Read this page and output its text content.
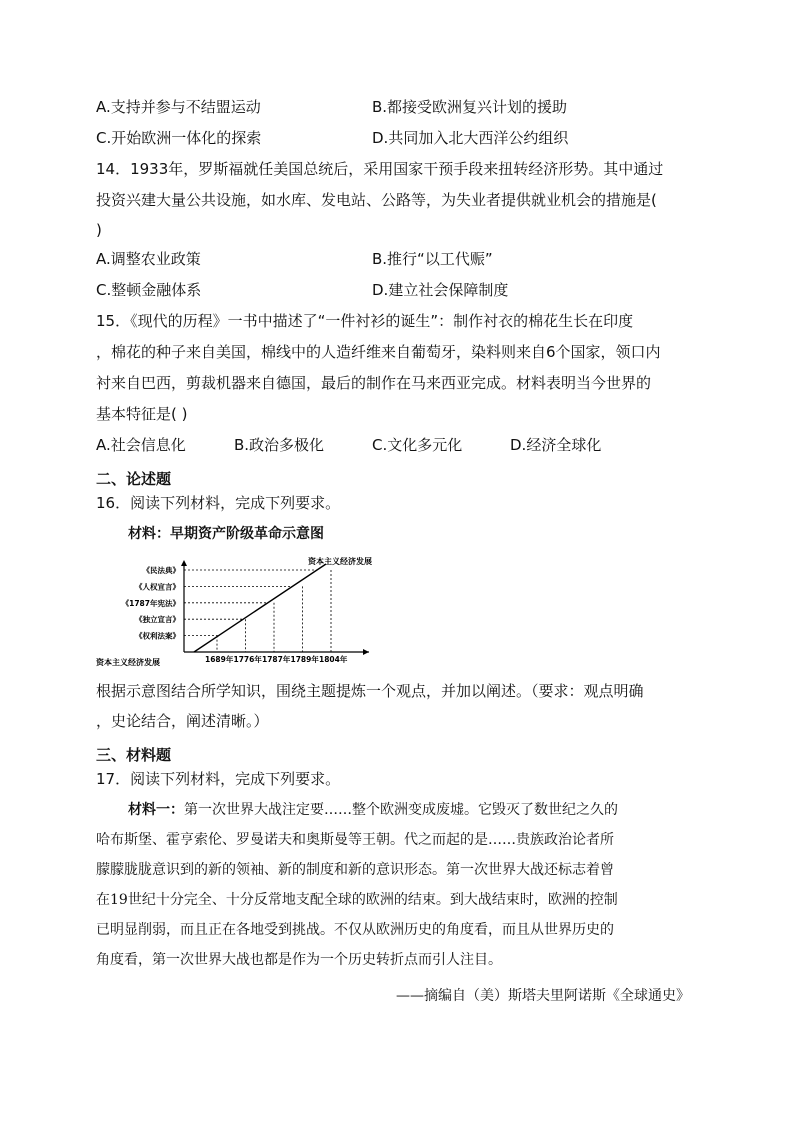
A.支持并参与不结盟运动	B.都接受欧洲复兴计划的援助
C.开始欧洲一体化的探索	D.共同加入北大西洋公约组织
14．1933年，罗斯福就任美国总统后，采用国家干预手段来扭转经济形势。其中通过
投资兴建大量公共设施，如水库、发电站、公路等，为失业者提供就业机会的措施是(
)
A.调整农业政策	B.推行“以工代赈”
C.整顿金融体系	D.建立社会保障制度
15．《现代的历程》一书中描述了“一件衬衫的诞生”：制作衬衣的棉花生长在印度
，棉花的种子来自美国，棉线中的人造纤维来自葡萄牙，染料则来自6个国家，领口内
衬来自巴西，剪裁机器来自德国，最后的制作在马来西亚完成。材料表明当今世界的
基本特征是( )
A.社会信息化	B.政治多极化	C.文化多元化	D.经济全球化
二、论述题
16．阅读下列材料，完成下列要求。
材料：早期资产阶级革命示意图
资本主义经济发展
资本主义经济发展
1689年
《权利法案》
1776年
《独立宣言》
1787年
《1787年宪法》
1789年
《人权宣言》
1804年
《民法典》
根据示意图结合所学知识，围绕主题提炼一个观点，并加以阐述。（要求：观点明确
，史论结合，阐述清晰。）
三、材料题
17．阅读下列材料，完成下列要求。
材料一：第一次世界大战注定要……整个欧洲变成废墟。它毁灭了数世纪之久的
哈布斯堡、霍亨索伦、罗曼诺夫和奥斯曼等王朝。代之而起的是……贵族政治论者所
朦朦胧胧意识到的新的领袖、新的制度和新的意识形态。第一次世界大战还标志着曾
在19世纪十分完全、十分反常地支配全球的欧洲的结束。到大战结束时，欧洲的控制
已明显削弱，而且正在各地受到挑战。不仅从欧洲历史的角度看，而且从世界历史的
角度看，第一次世界大战也都是作为一个历史转折点而引人注目。
——摘编自（美）斯塔夫里阿诺斯《全球通史》
